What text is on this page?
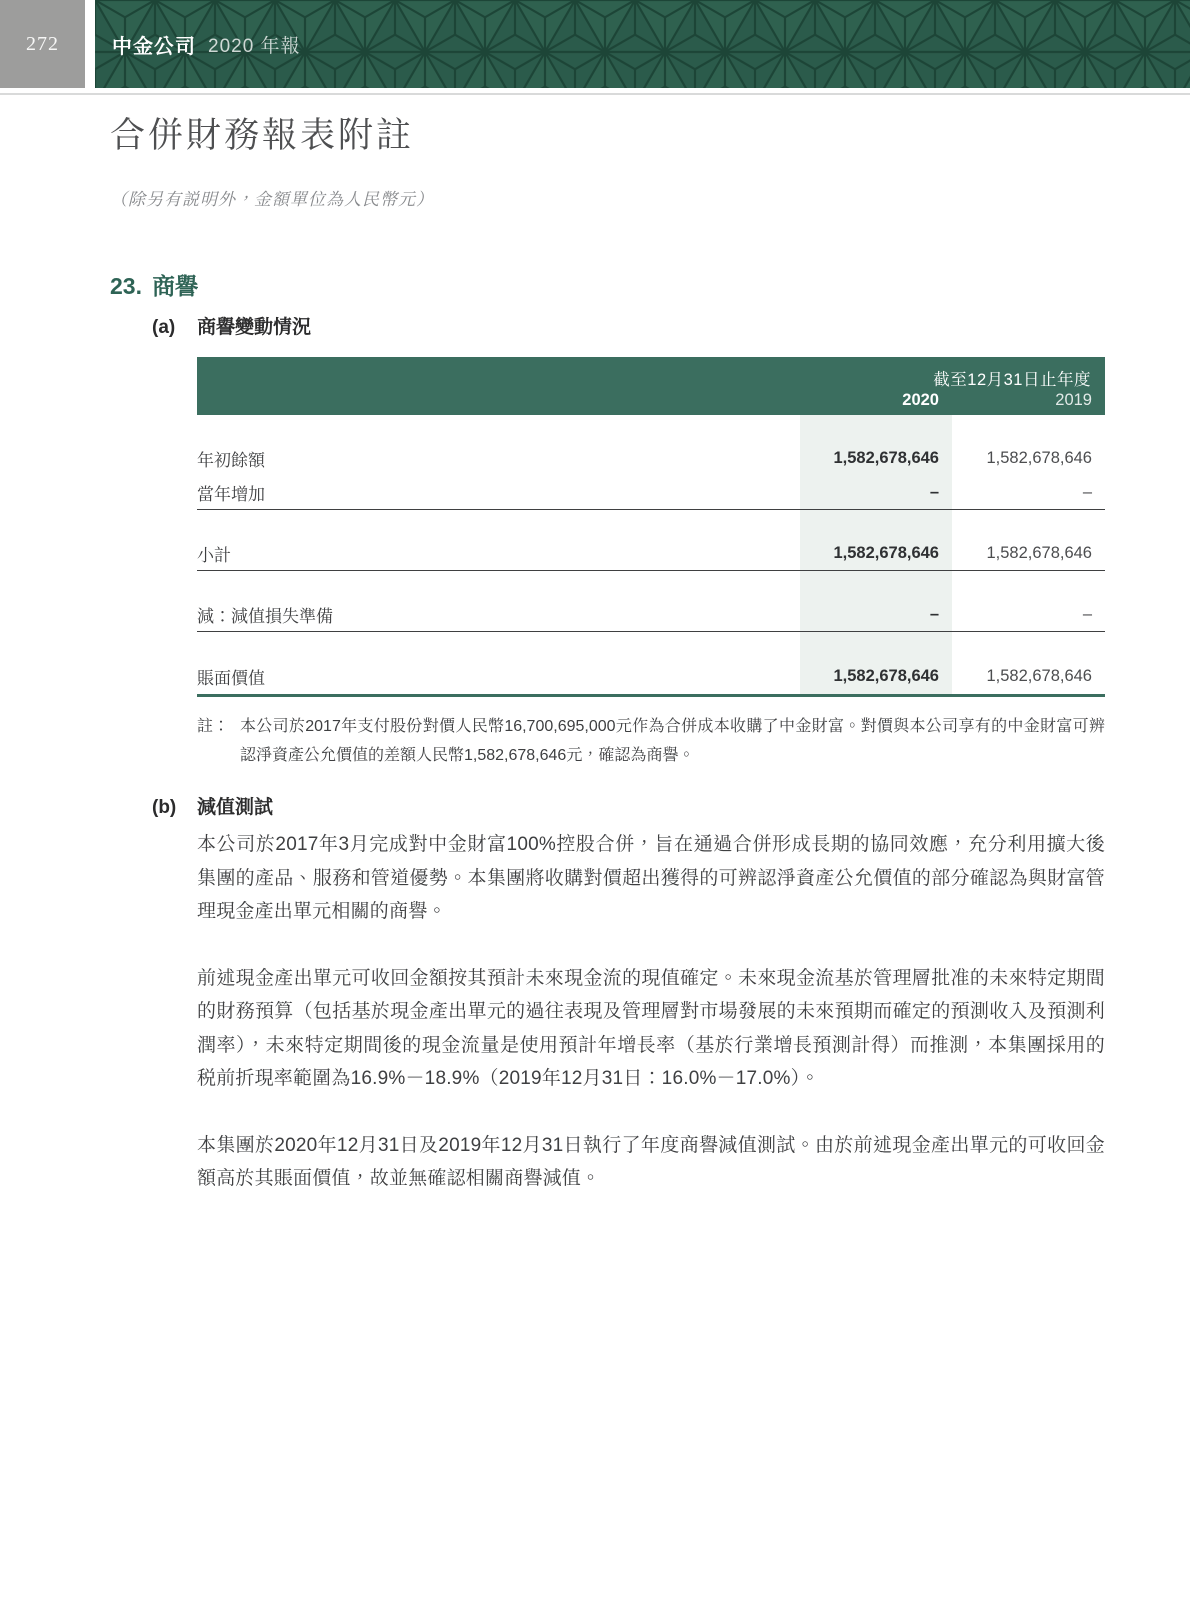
272	中金公司 2020 年報
合併財務報表附註

（除另有説明外，金額單位為人民幣元）

23. 商譽
(a) 商譽變動情況
截至12月31日止年度
2020	2019
年初餘額	1,582,678,646	1,582,678,646
當年增加	–	–
小計	1,582,678,646	1,582,678,646
減：減值損失準備	–	–
賬面價值	1,582,678,646	1,582,678,646
註： 本公司於2017年支付股份對價人民幣16,700,695,000元作為合併成本收購了中金財富。對價與本公司享有的中金財富可辨認淨資產公允價值的差額人民幣1,582,678,646元，確認為商譽。

(b) 減值測試

本公司於2017年3月完成對中金財富100%控股合併，旨在通過合併形成長期的協同效應，充分利用擴大後集團的產品、服務和管道優勢。本集團將收購對價超出獲得的可辨認淨資產公允價值的部分確認為與財富管理現金產出單元相關的商譽。

前述現金產出單元可收回金額按其預計未來現金流的現值確定。未來現金流基於管理層批准的未來特定期間的財務預算（包括基於現金產出單元的過往表現及管理層對市場發展的未來預期而確定的預測收入及預測利潤率），未來特定期間後的現金流量是使用預計年增長率（基於行業增長預測計得）而推測，本集團採用的税前折現率範圍為16.9%－18.9%（2019年12月31日：16.0%－17.0%）。

本集團於2020年12月31日及2019年12月31日執行了年度商譽減值測試。由於前述現金產出單元的可收回金額高於其賬面價值，故並無確認相關商譽減值。
